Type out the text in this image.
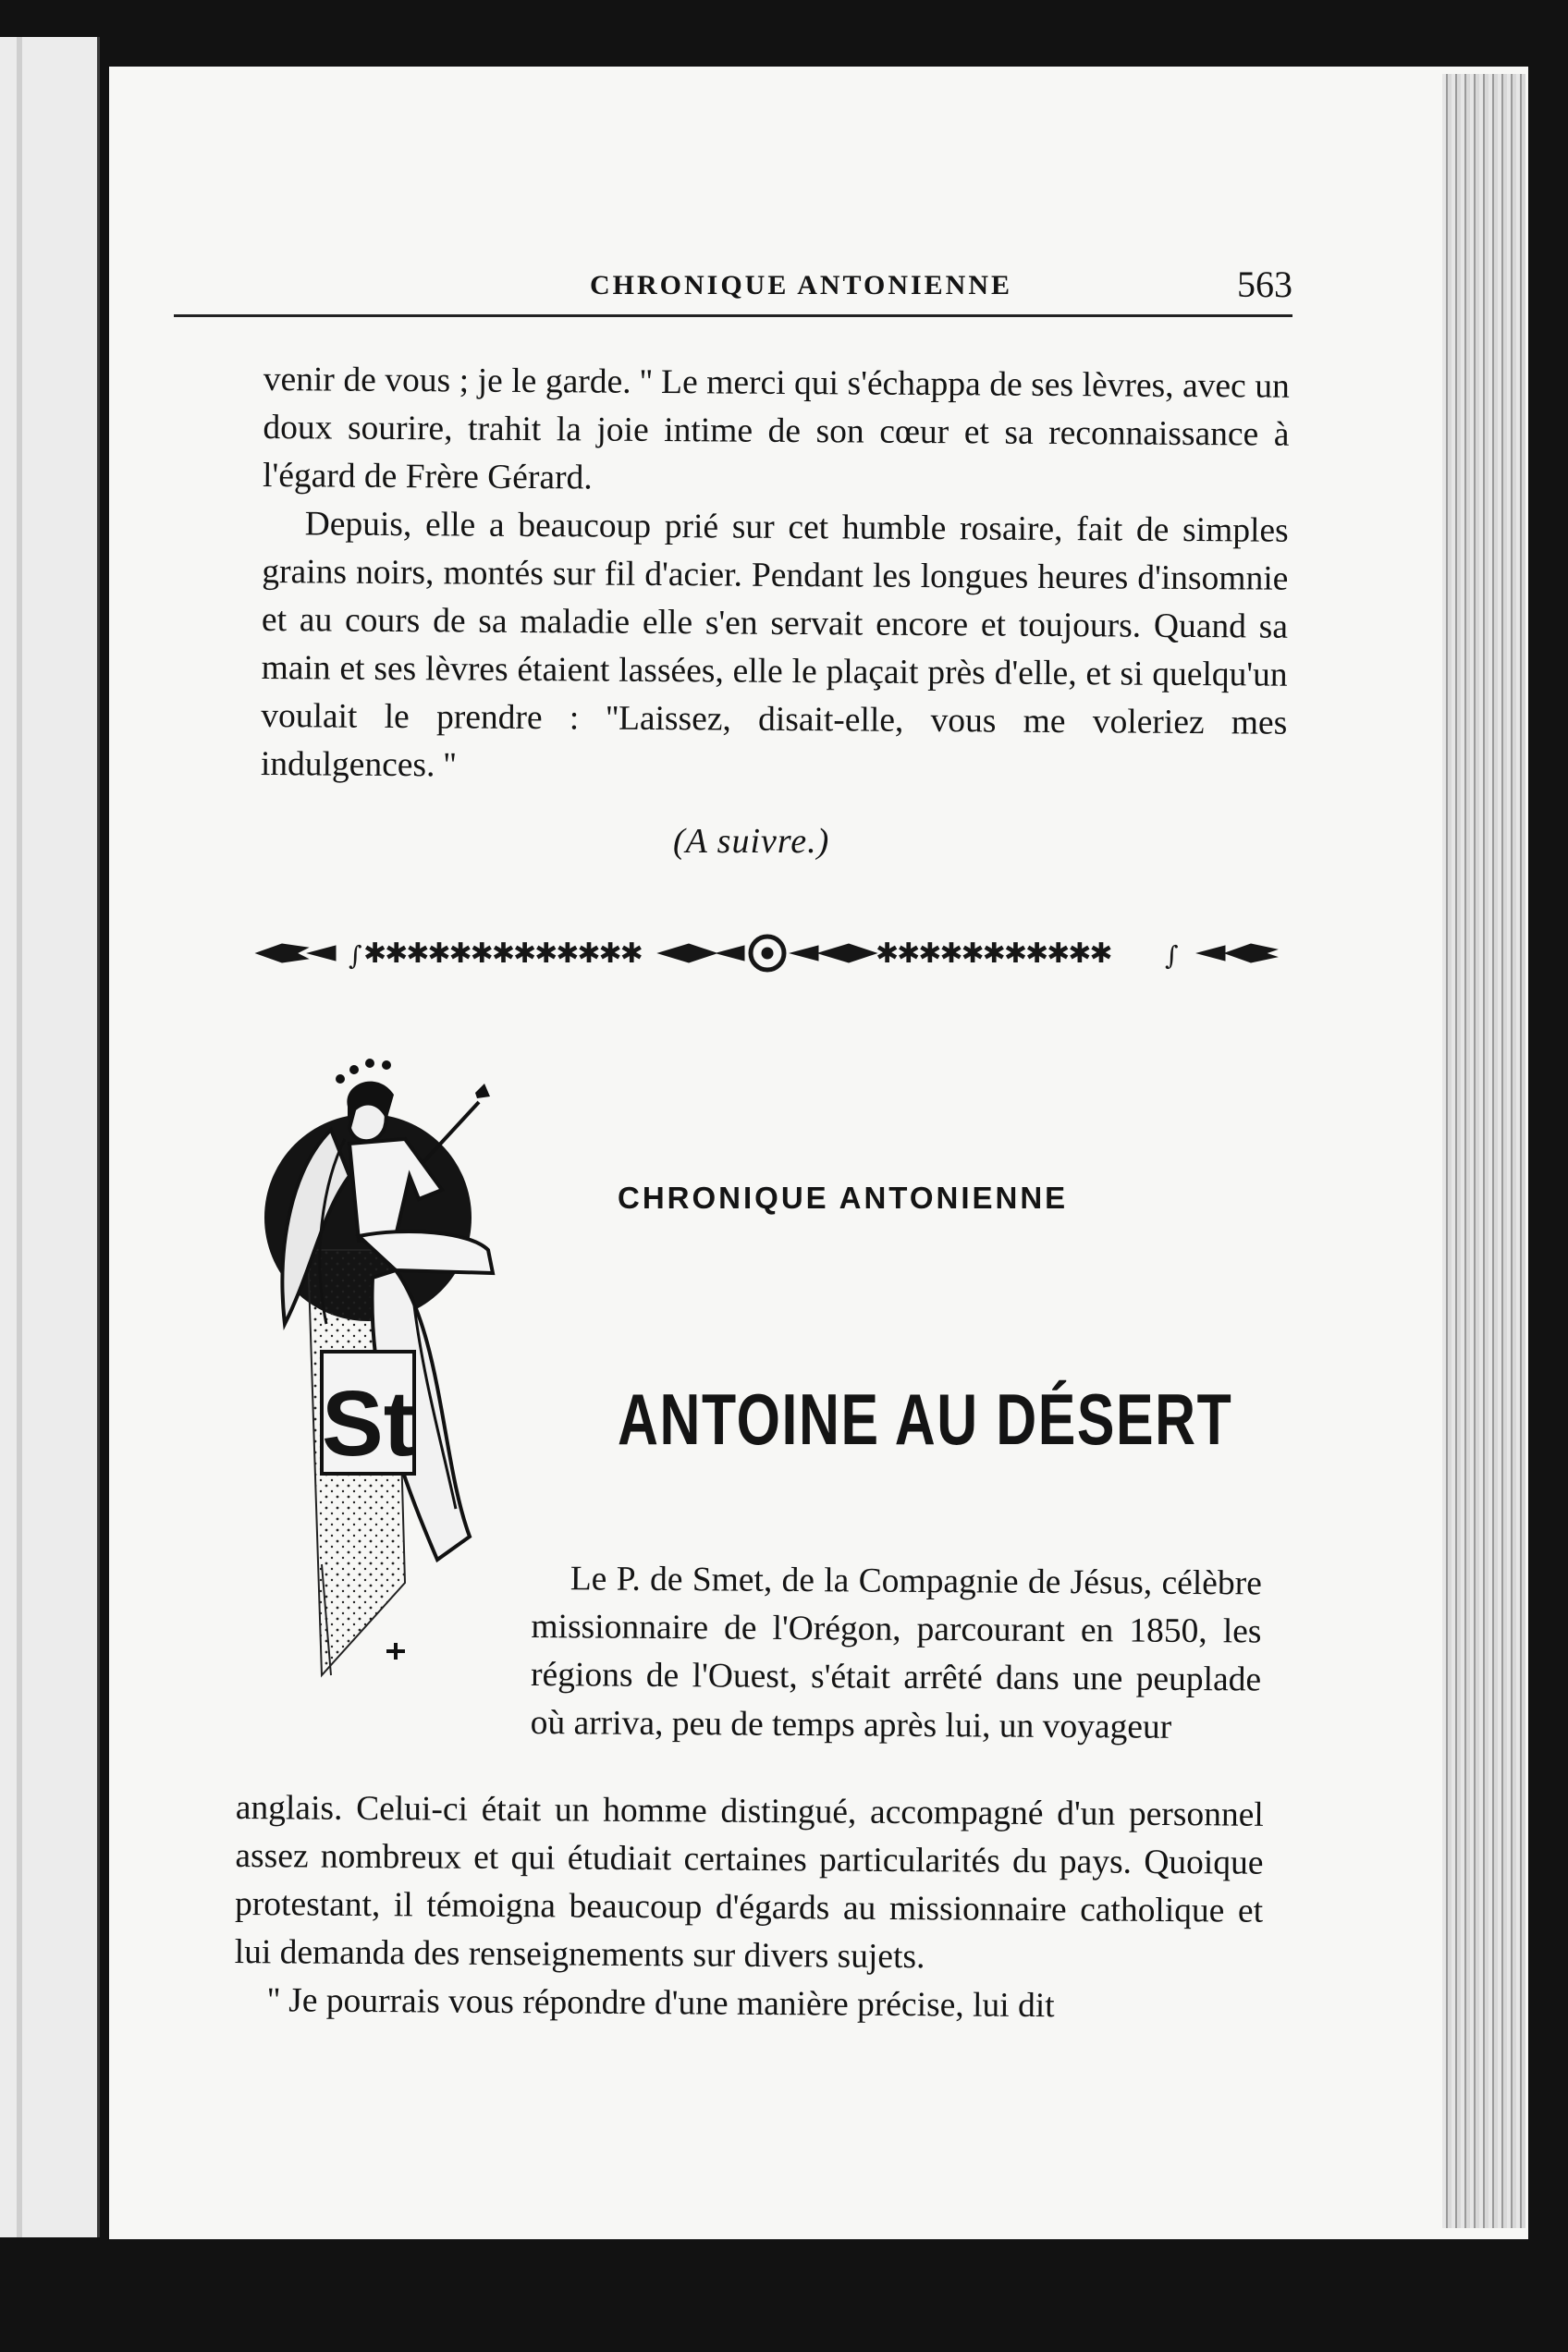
CHRONIQUE ANTONIENNE	563

venir de vous ; je le garde. '' Le merci qui s'échappa de ses lèvres, avec un doux sourire, trahit la joie intime de son cœur et sa reconnaissance à l'égard de Frère Gérard.

Depuis, elle a beaucoup prié sur cet humble rosaire, fait de simples grains noirs, montés sur fil d'acier. Pendant les longues heures d'insomnie et au cours de sa maladie elle s'en servait encore et toujours. Quand sa main et ses lèvres étaient lassées, elle le plaçait près d'elle, et si quelqu'un voulait le prendre : ''Laissez, disait-elle, vous me voleriez mes indulgences. ''

(A suivre.)
∫ ✱✱✱✱✱✱✱✱✱✱✱✱✱	✱✱✱✱✱✱✱✱✱✱✱ ∫
St
CHRONIQUE ANTONIENNE
ANTOINE AU DÉSERT

Le P. de Smet, de la Compagnie de Jésus, célèbre missionnaire de l'Orégon, parcourant en 1850, les régions de l'Ouest, s'était arrêté dans une peuplade où arriva, peu de temps après lui, un voyageur

anglais. Celui-ci était un homme distingué, accompagné d'un personnel assez nombreux et qui étudiait certaines particularités du pays. Quoique protestant, il témoigna beaucoup d'égards au missionnaire catholique et lui demanda des renseignements sur divers sujets.

'' Je pourrais vous répondre d'une manière précise, lui dit
